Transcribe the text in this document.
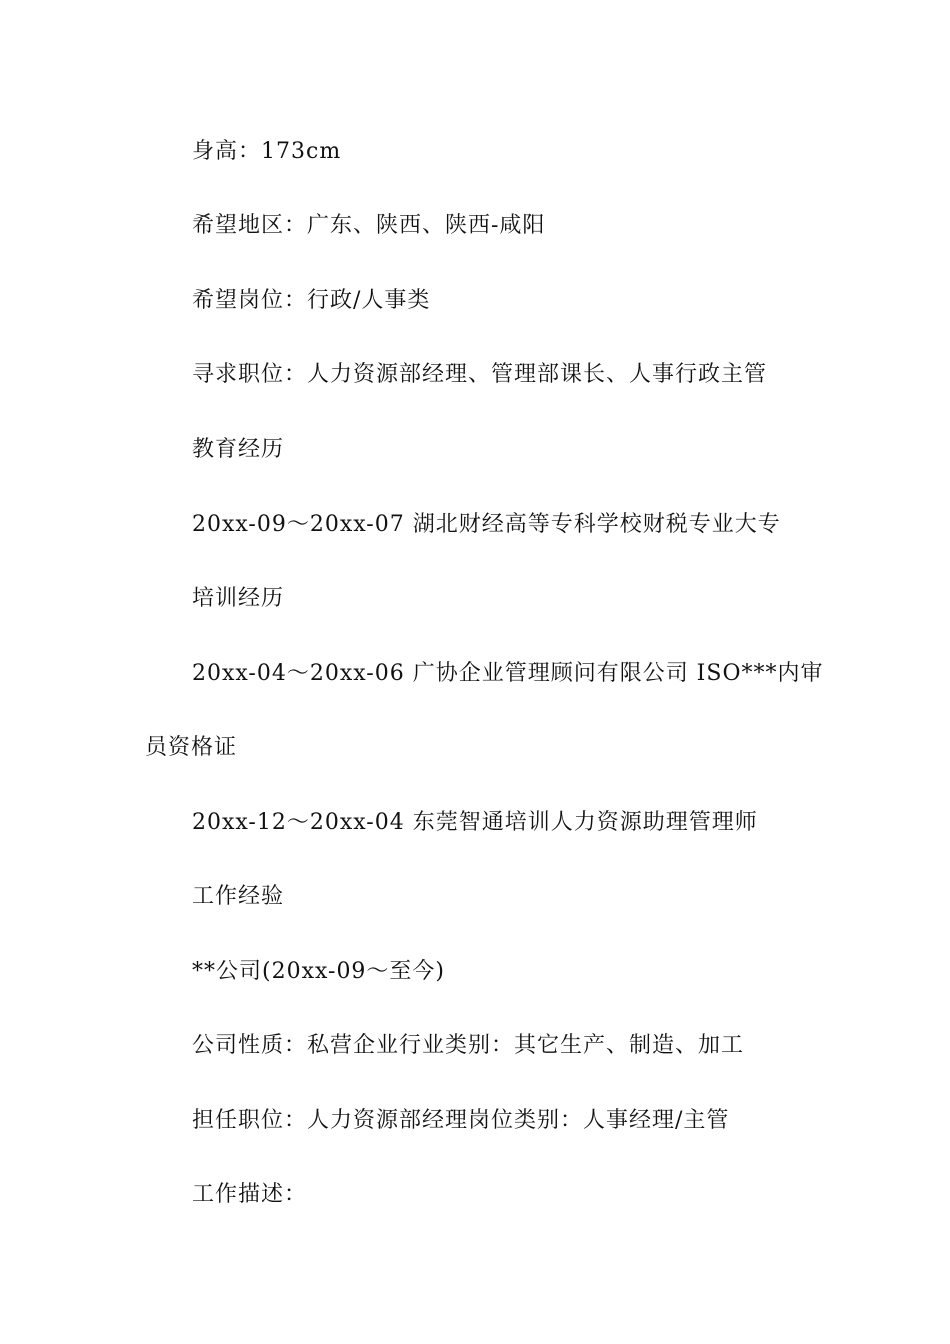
身高：173cm
希望地区：广东、陕西、陕西-咸阳
希望岗位：行政/人事类
寻求职位：人力资源部经理、管理部课长、人事行政主管
教育经历
20xx-09～20xx-07 湖北财经高等专科学校财税专业大专
培训经历
20xx-04～20xx-06 广协企业管理顾问有限公司 ISO***内审
员资格证
20xx-12～20xx-04 东莞智通培训人力资源助理管理师
工作经验
**公司(20xx-09～至今)
公司性质：私营企业行业类别：其它生产、制造、加工
担任职位：人力资源部经理岗位类别：人事经理/主管
工作描述：
